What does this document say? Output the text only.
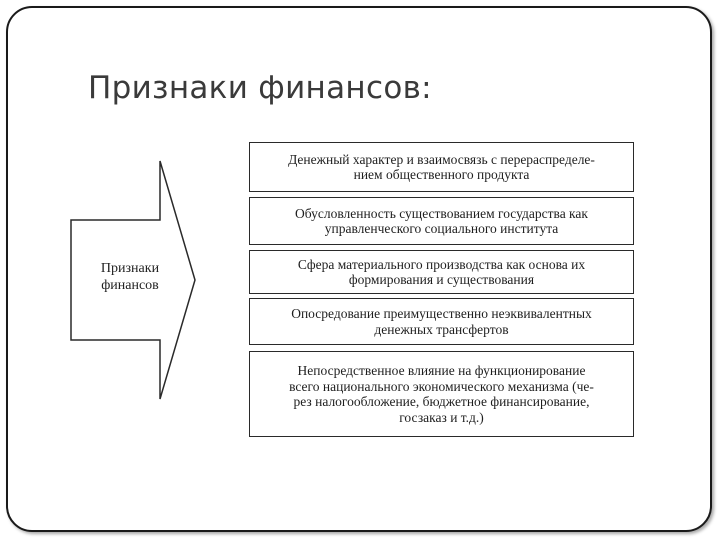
Признаки финансов:
Признаки
финансов
Денежный характер и взаимосвязь с перераспределе-
нием общественного продукта
Обусловленность существованием государства как
управленческого социального института
Сфера материального производства как основа их
формирования и существования
Опосредование преимущественно неэквивалентных
денежных трансфертов
Непосредственное влияние на функционирование
всего национального экономического механизма (че-
рез налогообложение, бюджетное финансирование,
госзаказ и т.д.)
